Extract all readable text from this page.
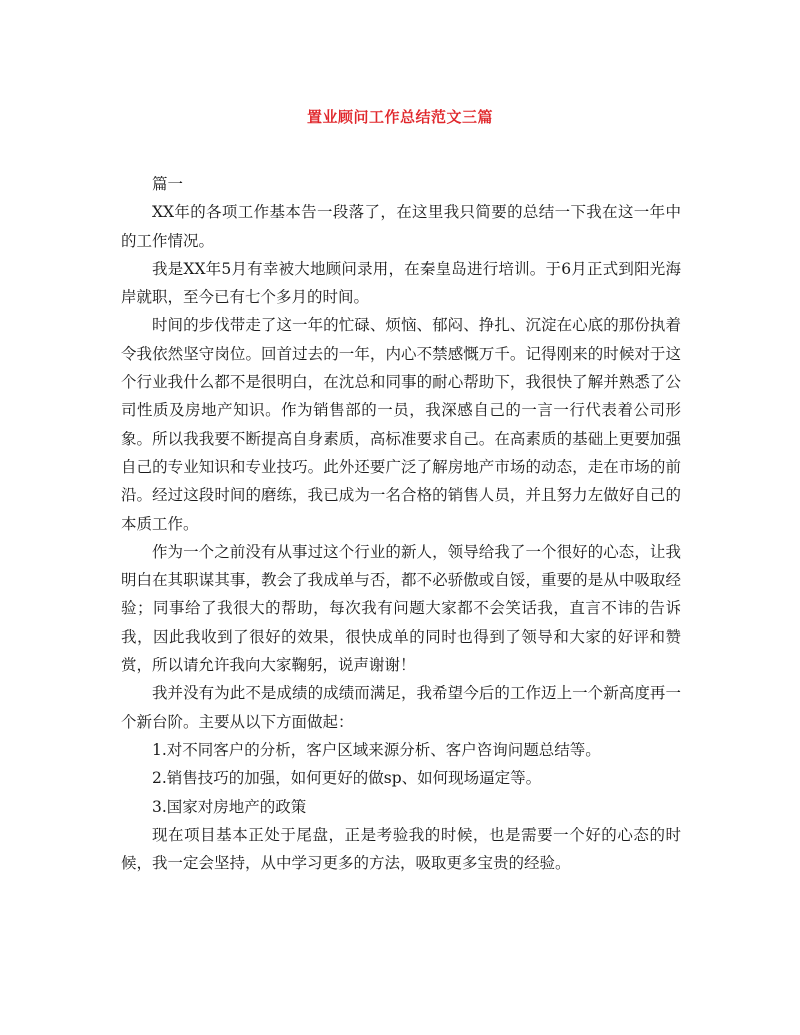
置业顾问工作总结范文三篇

篇一

XX年的各项工作基本告一段落了，在这里我只简要的总结一下我在这一年中的工作情况。

我是XX年5月有幸被大地顾问录用，在秦皇岛进行培训。于6月正式到阳光海岸就职，至今已有七个多月的时间。

时间的步伐带走了这一年的忙碌、烦恼、郁闷、挣扎、沉淀在心底的那份执着令我依然坚守岗位。回首过去的一年，内心不禁感慨万千。记得刚来的时候对于这个行业我什么都不是很明白，在沈总和同事的耐心帮助下，我很快了解并熟悉了公司性质及房地产知识。作为销售部的一员，我深感自己的一言一行代表着公司形象。所以我我要不断提高自身素质，高标准要求自己。在高素质的基础上更要加强自己的专业知识和专业技巧。此外还要广泛了解房地产市场的动态，走在市场的前沿。经过这段时间的磨练，我已成为一名合格的销售人员，并且努力左做好自己的本质工作。

作为一个之前没有从事过这个行业的新人，领导给我了一个很好的心态，让我明白在其职谋其事，教会了我成单与否，都不必骄傲或自馁，重要的是从中吸取经验；同事给了我很大的帮助，每次我有问题大家都不会笑话我，直言不讳的告诉我，因此我收到了很好的效果，很快成单的同时也得到了领导和大家的好评和赞赏，所以请允许我向大家鞠躬，说声谢谢！

我并没有为此不是成绩的成绩而满足，我希望今后的工作迈上一个新高度再一个新台阶。主要从以下方面做起：

1.对不同客户的分析，客户区域来源分析、客户咨询问题总结等。

2.销售技巧的加强，如何更好的做sp、如何现场逼定等。

3.国家对房地产的政策

现在项目基本正处于尾盘，正是考验我的时候，也是需要一个好的心态的时候，我一定会坚持，从中学习更多的方法，吸取更多宝贵的经验。
